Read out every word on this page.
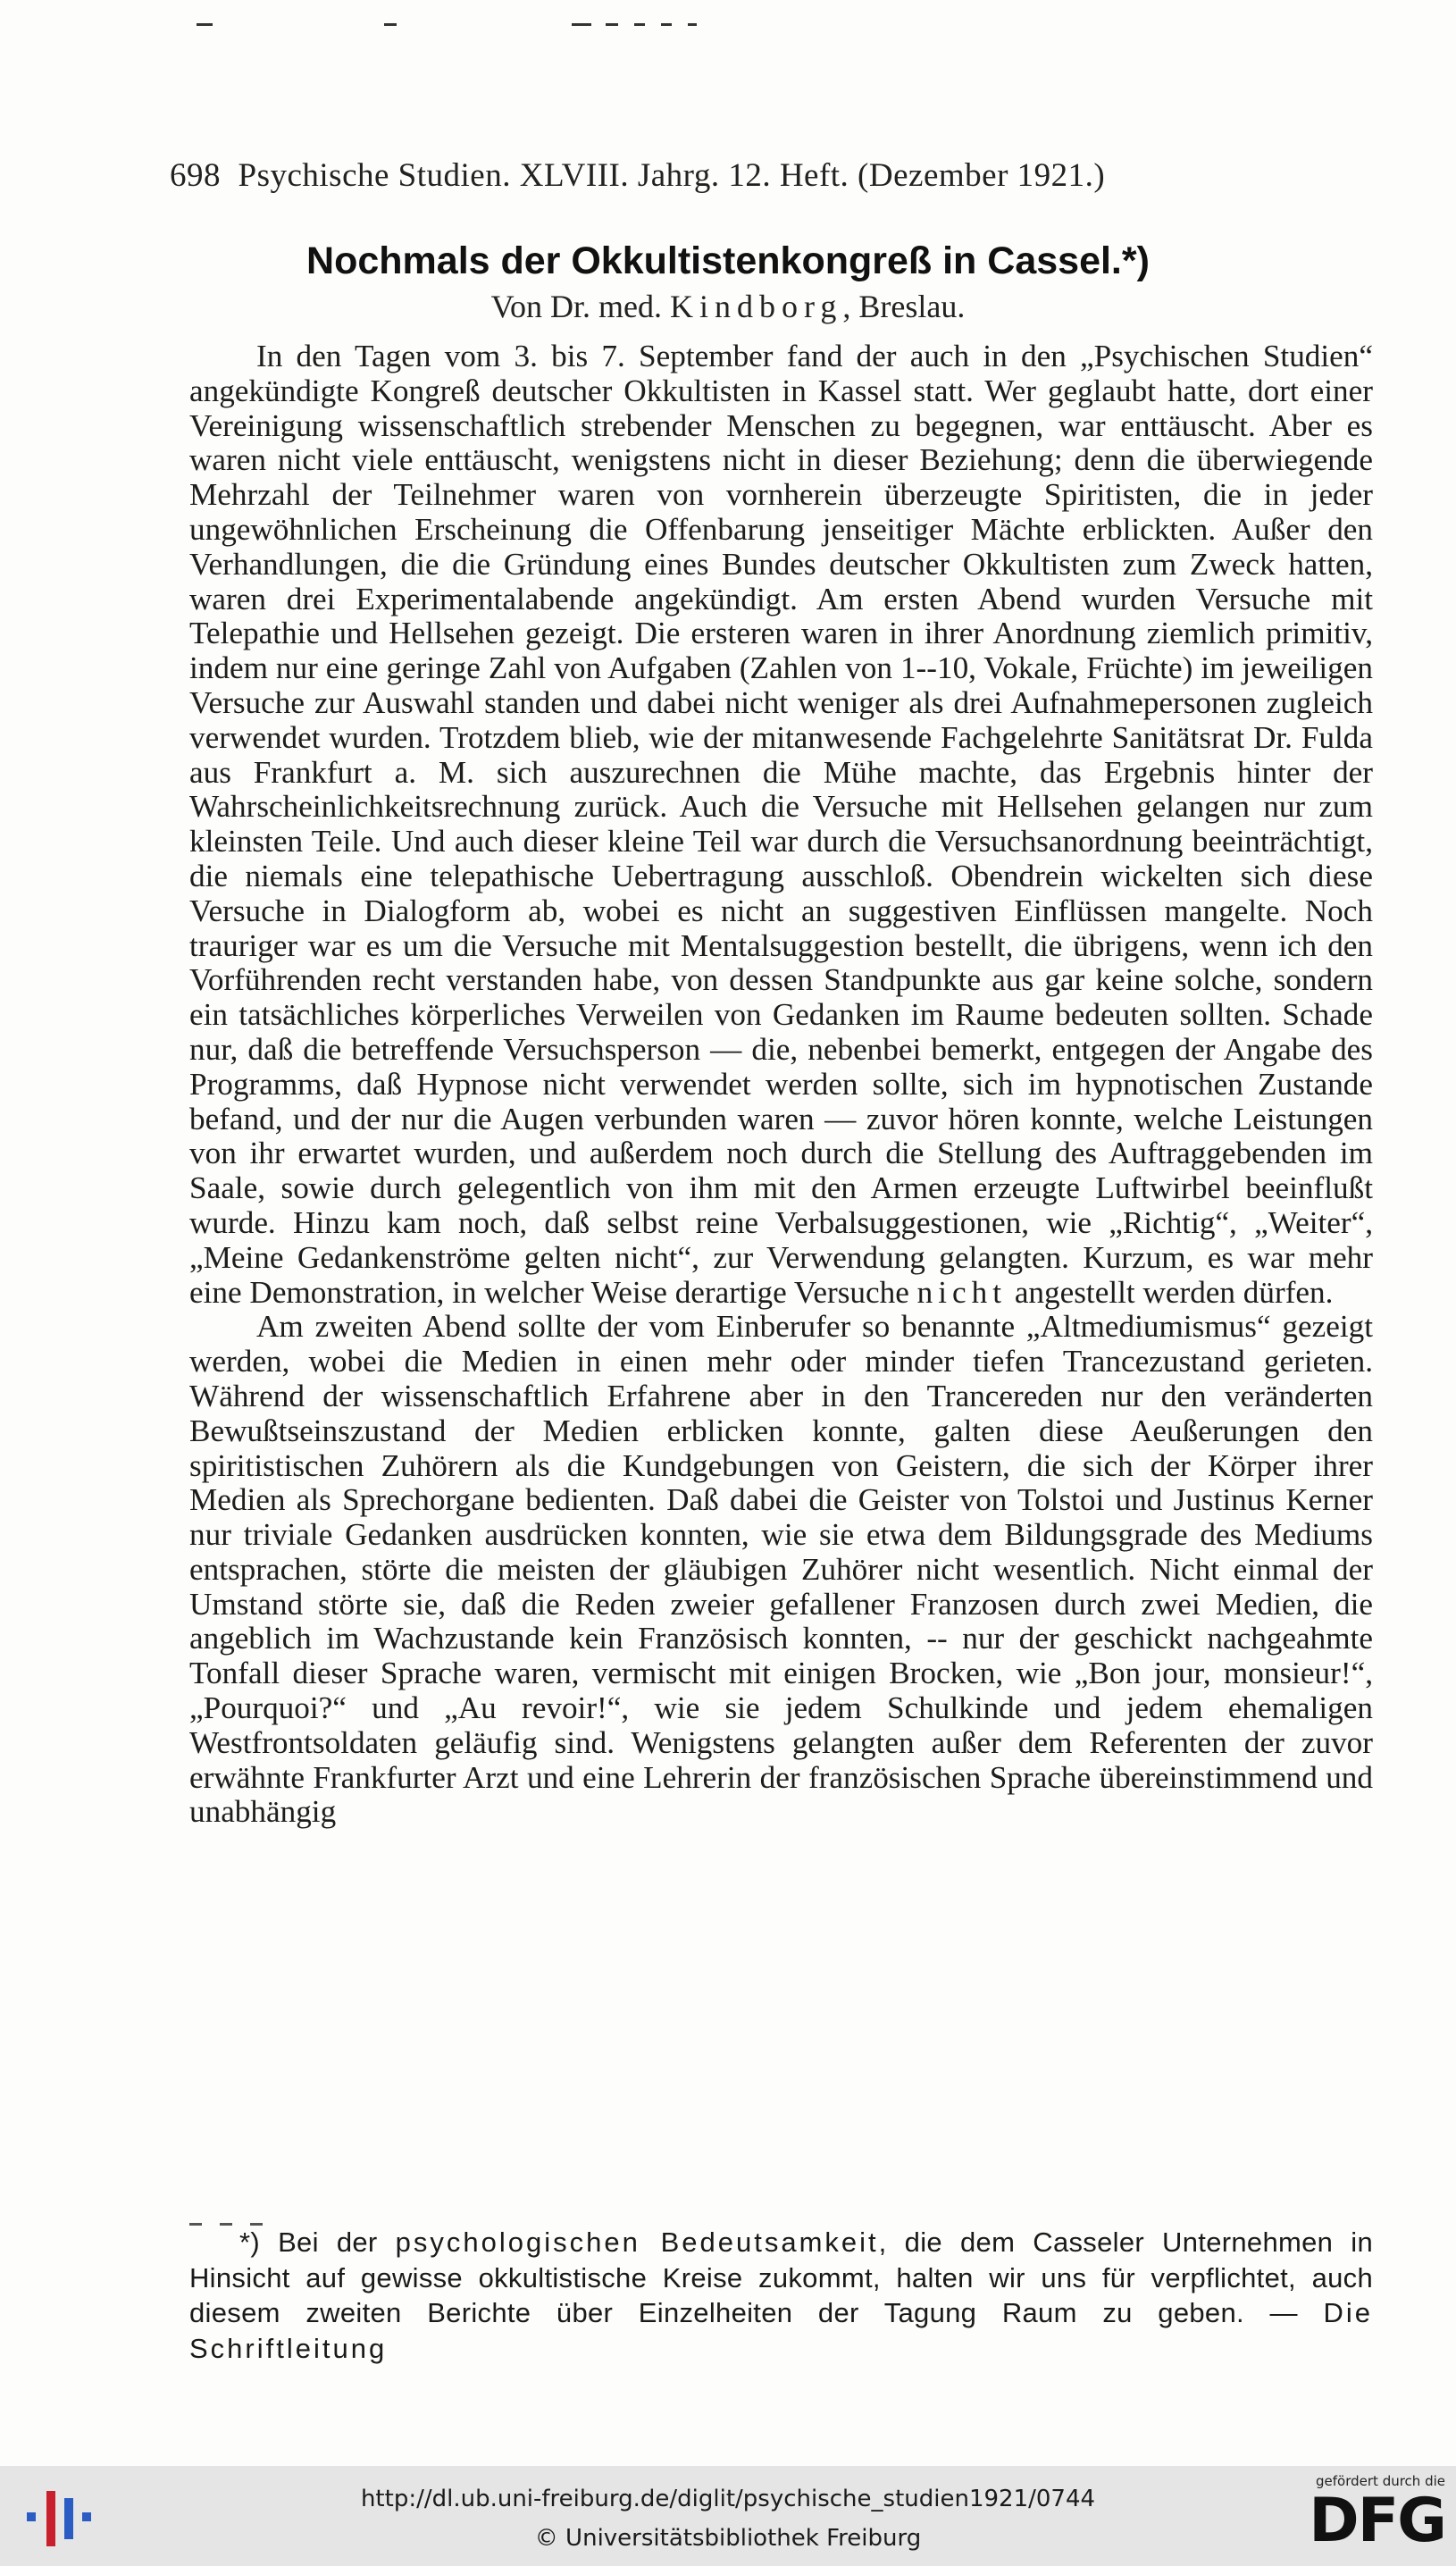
698 Psychische Studien. XLVIII. Jahrg. 12. Heft. (Dezember 1921.)
Nochmals der Okkultistenkongreß in Cassel.*)
Von Dr. med. Kindborg, Breslau.

In den Tagen vom 3. bis 7. September fand der auch in den „Psychischen Studien“ angekündigte Kongreß deutscher Okkultisten in Kassel statt. Wer geglaubt hatte, dort einer Vereinigung wissenschaftlich strebender Menschen zu begegnen, war enttäuscht. Aber es waren nicht viele enttäuscht, wenigstens nicht in dieser Beziehung; denn die überwiegende Mehrzahl der Teilnehmer waren von vornherein überzeugte Spiritisten, die in jeder ungewöhnlichen Erscheinung die Offenbarung jenseitiger Mächte erblickten. Außer den Verhandlungen, die die Gründung eines Bundes deutscher Okkultisten zum Zweck hatten, waren drei Experimentalabende angekündigt. Am ersten Abend wurden Versuche mit Telepathie und Hellsehen gezeigt. Die ersteren waren in ihrer Anordnung ziemlich primitiv, indem nur eine geringe Zahl von Aufgaben (Zahlen von 1--10, Vokale, Früchte) im jeweiligen Versuche zur Auswahl standen und dabei nicht weniger als drei Aufnahmepersonen zugleich verwendet wurden. Trotzdem blieb, wie der mitanwesende Fachgelehrte Sanitätsrat Dr. Fulda aus Frankfurt a. M. sich auszurechnen die Mühe machte, das Ergebnis hinter der Wahrscheinlichkeitsrechnung zurück. Auch die Versuche mit Hellsehen gelangen nur zum kleinsten Teile. Und auch dieser kleine Teil war durch die Versuchsanordnung beeinträchtigt, die niemals eine telepathische Uebertragung ausschloß. Obendrein wickelten sich diese Versuche in Dialogform ab, wobei es nicht an suggestiven Einflüssen mangelte. Noch trauriger war es um die Versuche mit Mentalsuggestion bestellt, die übrigens, wenn ich den Vorführenden recht verstanden habe, von dessen Standpunkte aus gar keine solche, sondern ein tatsächliches körperliches Verweilen von Gedanken im Raume bedeuten sollten. Schade nur, daß die betreffende Versuchsperson — die, nebenbei bemerkt, entgegen der Angabe des Programms, daß Hypnose nicht verwendet werden sollte, sich im hypnotischen Zustande befand, und der nur die Augen verbunden waren — zuvor hören konnte, welche Leistungen von ihr erwartet wurden, und außerdem noch durch die Stellung des Auftraggebenden im Saale, sowie durch gelegentlich von ihm mit den Armen erzeugte Luftwirbel beeinflußt wurde. Hinzu kam noch, daß selbst reine Verbalsuggestionen, wie „Richtig“, „Weiter“, „Meine Gedankenströme gelten nicht“, zur Verwendung gelangten. Kurzum, es war mehr eine Demonstration, in welcher Weise derartige Versuche nicht angestellt werden dürfen.

Am zweiten Abend sollte der vom Einberufer so benannte „Altmediumismus“ gezeigt werden, wobei die Medien in einen mehr oder minder tiefen Trancezustand gerieten. Während der wissenschaftlich Erfahrene aber in den Trancereden nur den veränderten Bewußtseinszustand der Medien erblicken konnte, galten diese Aeußerungen den spiritistischen Zuhörern als die Kundgebungen von Geistern, die sich der Körper ihrer Medien als Sprechorgane bedienten. Daß dabei die Geister von Tolstoi und Justinus Kerner nur triviale Gedanken ausdrücken konnten, wie sie etwa dem Bildungsgrade des Mediums entsprachen, störte die meisten der gläubigen Zuhörer nicht wesentlich. Nicht einmal der Umstand störte sie, daß die Reden zweier gefallener Franzosen durch zwei Medien, die angeblich im Wachzustande kein Französisch konnten, -- nur der geschickt nachgeahmte Tonfall dieser Sprache waren, vermischt mit einigen Brocken, wie „Bon jour, monsieur!“, „Pourquoi?“ und „Au revoir!“, wie sie jedem Schulkinde und jedem ehemaligen Westfrontsoldaten geläufig sind. Wenigstens gelangten außer dem Referenten der zuvor erwähnte Frankfurter Arzt und eine Lehrerin der französischen Sprache übereinstimmend und unabhängig

*) Bei der psychologischen Bedeutsamkeit, die dem Casseler Unternehmen in Hinsicht auf gewisse okkultistische Kreise zukommt, halten wir uns für verpflichtet, auch diesem zweiten Berichte über Einzelheiten der Tagung Raum zu geben. — Die Schriftleitung

http://dl.ub.uni-freiburg.de/diglit/psychische_studien1921/0744
© Universitätsbibliothek Freiburg
gefördert durch die
DFG
